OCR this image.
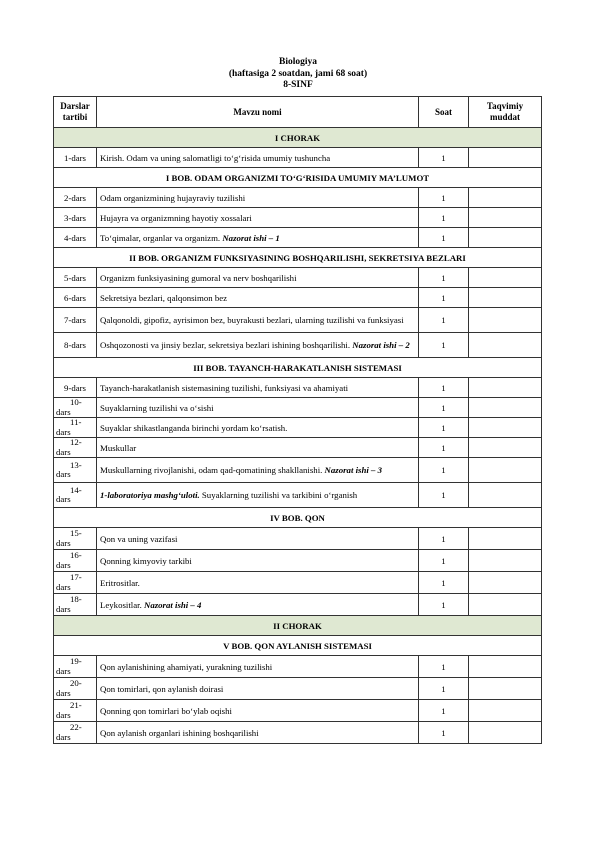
Biologiya
(haftasiga 2 soatdan, jami 68 soat)
8-SINF
Darslar tartibi	Mavzu nomi	Soat	Taqvimiy muddat
I CHORAK			
1-dars	Kirish. Odam va uning salomatligi to‘g‘risida umumiy tushuncha	1	
I BOB. ODAM ORGANIZMI TO‘G‘RISIDA UMUMIY MA’LUMOT			
2-dars	Odam organizmining hujayraviy tuzilishi	1	
3-dars	Hujayra va organizmning hayotiy xossalari	1	
4-dars	To‘qimalar, organlar va organizm. Nazorat ishi – 1	1	
II BOB. ORGANIZM FUNKSIYASINING BOSHQARILISHI, SEKRETSIYA BEZLARI			
5-dars	Organizm funksiyasining gumoral va nerv boshqarilishi	1	
6-dars	Sekretsiya bezlari, qalqonsimon bez	1	
7-dars	Qalqonoldi, gipofiz, ayrisimon bez, buyrakusti bezlari, ularning tuzilishi va funksiyasi	1	
8-dars	Oshqozonosti va jinsiy bezlar, sekretsiya bezlari ishining boshqarilishi. Nazorat ishi – 2	1	
III BOB. TAYANCH-HARAKATLANISH SISTEMASI			
9-dars	Tayanch-harakatlanish sistemasining tuzilishi, funksiyasi va ahamiyati	1	

10-
dars	Suyaklarning tuzilishi va o‘sishi	1	

11-
dars	Suyaklar shikastlanganda birinchi yordam ko‘rsatish.	1	

12-
dars	Muskullar	1	

13-
dars	Muskullarning rivojlanishi, odam qad-qomatining shakllanishi. Nazorat ishi – 3	1	

14-
dars	1-laboratoriya mashg‘uloti. Suyaklarning tuzilishi va tarkibini o‘rganish	1	
IV BOB. QON			

15-
dars	Qon va uning vazifasi	1	

16-
dars	Qonning kimyoviy tarkibi	1	

17-
dars	Eritrositlar.	1	

18-
dars	Leykositlar. Nazorat ishi – 4	1	
II CHORAK			
V BOB. QON AYLANISH SISTEMASI			

19-
dars	Qon aylanishining ahamiyati, yurakning tuzilishi	1	

20-
dars	Qon tomirlari, qon aylanish doirasi	1	

21-
dars	Qonning qon tomirlari bo‘ylab oqishi	1	

22-
dars	Qon aylanish organlari ishining boshqarilishi	1	
